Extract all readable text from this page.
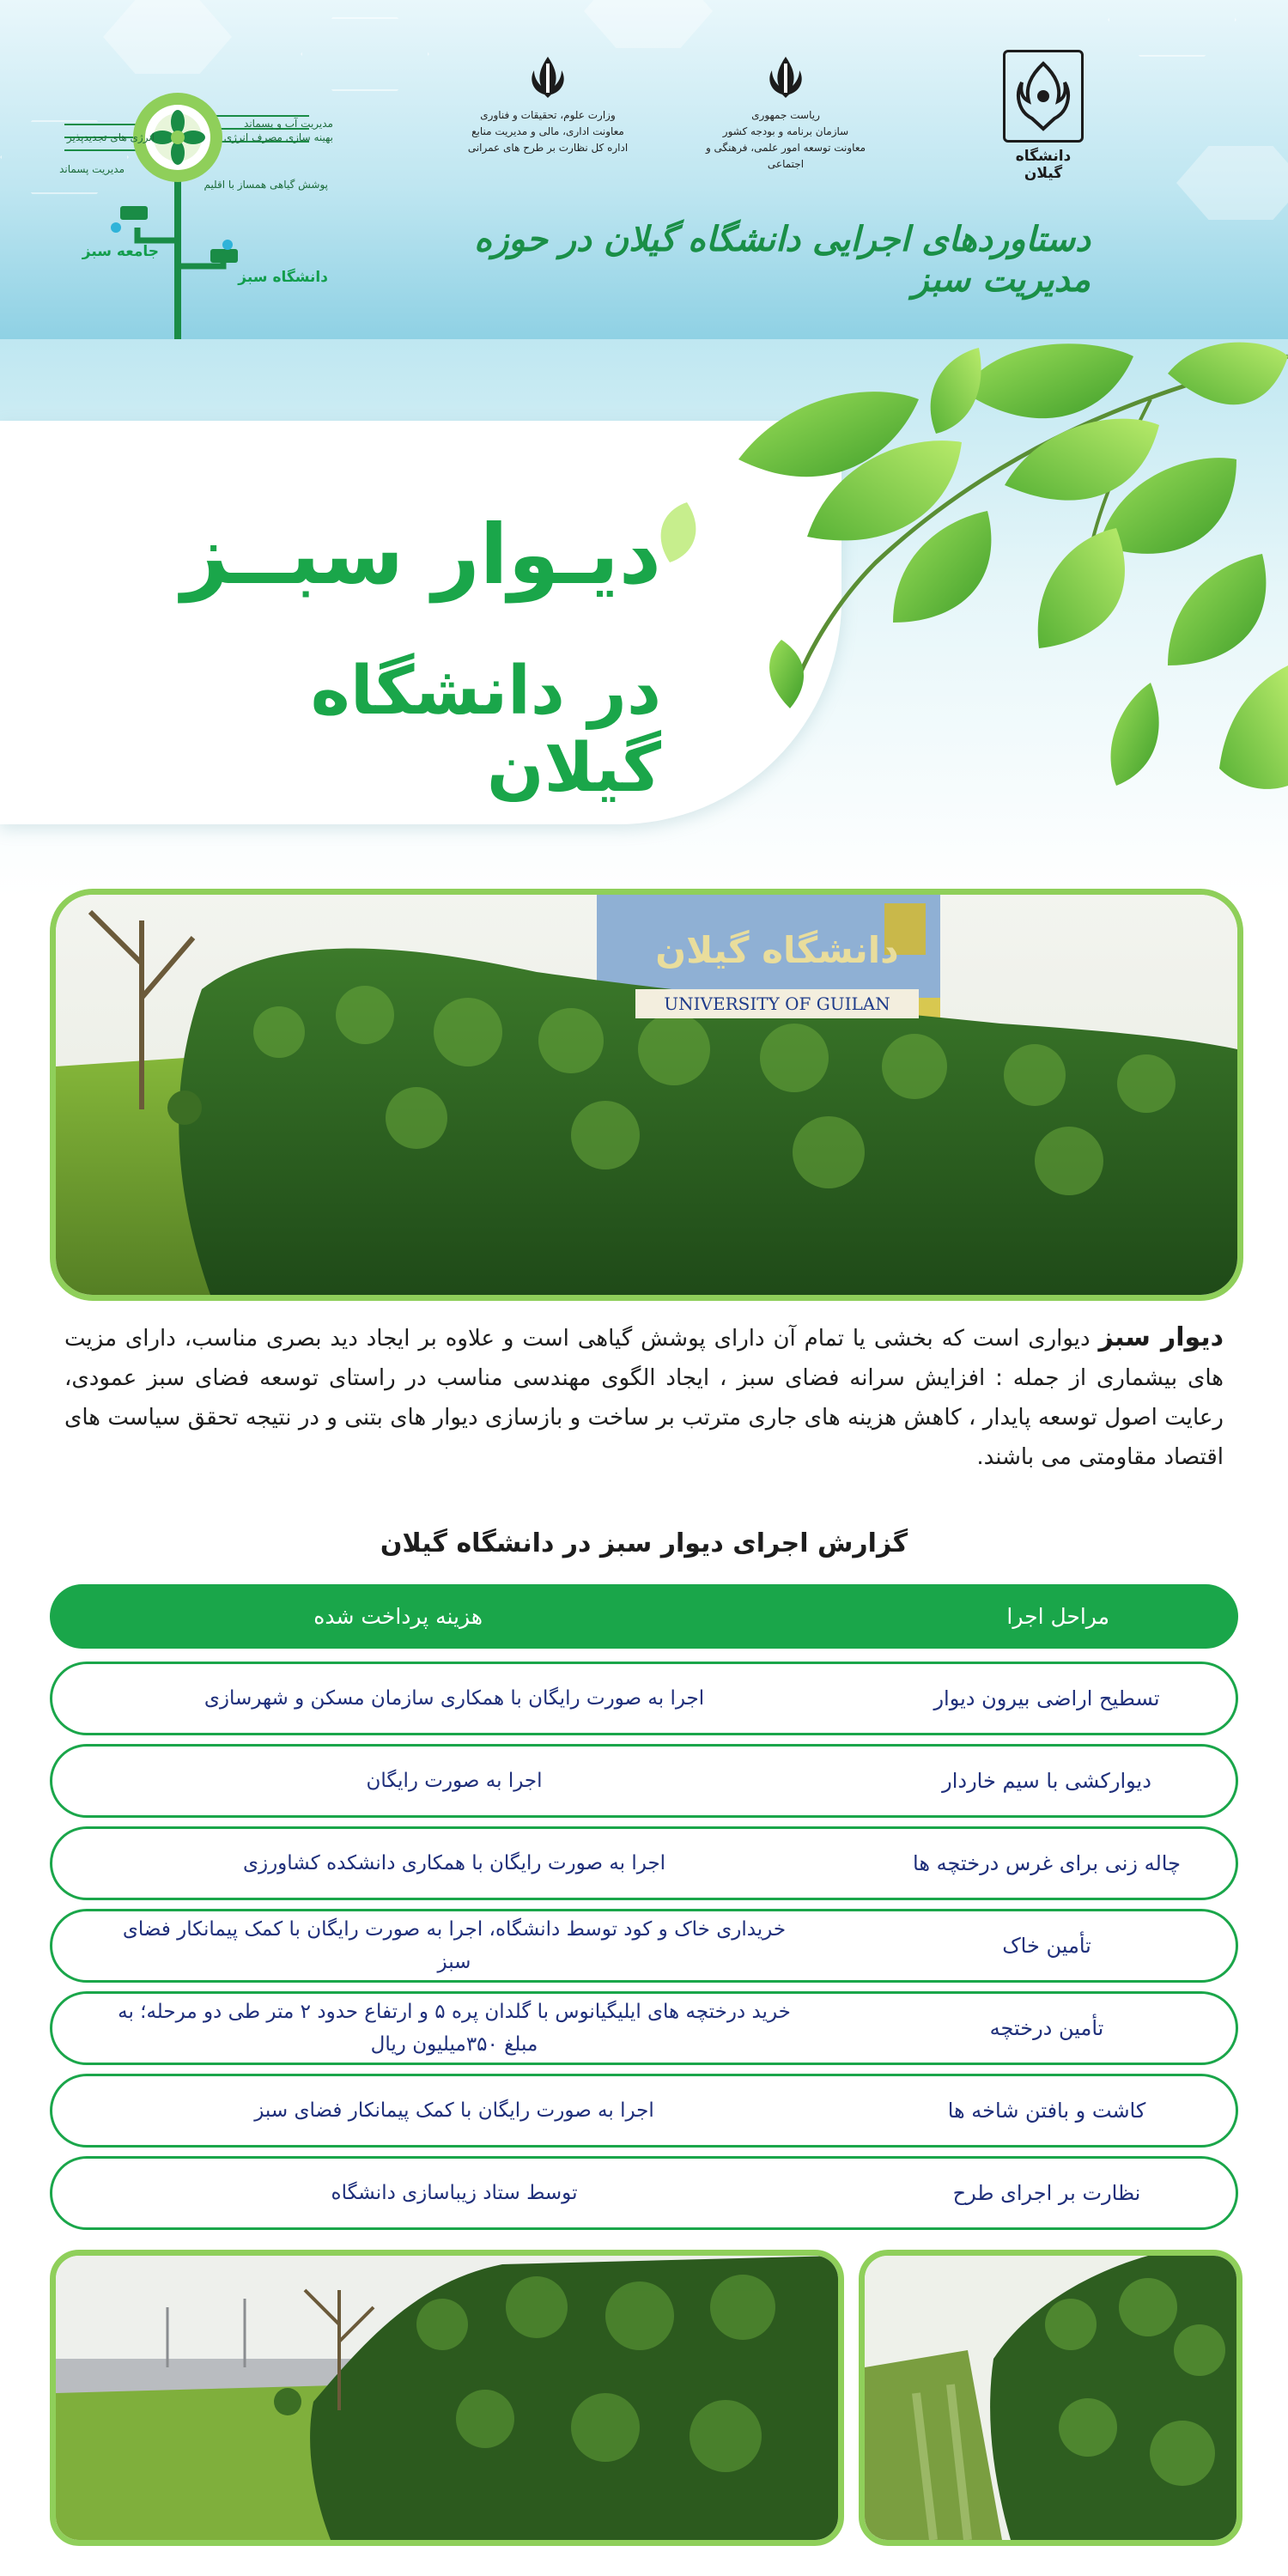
مدیریت آب و پسماند
انرژی های تجدیدپذیر	بهینه سازی مصرف انرژی
پوشش گیاهی همساز با اقلیم
مدیریت پسماند
جامعه سبز
دانشگاه سبز
وزارت علوم، تحقیقات و فناوری
معاونت اداری، مالی و مدیریت منابع
اداره کل نظارت بر طرح های عمرانی
ریاست جمهوری
سازمان برنامه و بودجه کشور
معاونت توسعه امور علمی، فرهنگی و اجتماعی	دانشگاه گیلان
دستاوردهای اجرایی دانشگاه گیلان در حوزه مدیریت سبز
دیـوار سبــز
در دانشگاه گیلان
دانشگاه گیلان
UNIVERSITY OF GUILAN
دیوار سبز دیواری است که بخشی یا تمام آن دارای پوشش گیاهی است و علاوه بر ایجاد دید بصری مناسب، دارای مزیت های بیشماری از جمله : افزایش سرانه فضای سبز ، ایجاد الگوی مهندسی مناسب در راستای توسعه فضای سبز عمودی، رعایت اصول توسعه پایدار ، کاهش هزینه های جاری مترتب بر ساخت و بازسازی دیوار های بتنی و در نتیجه تحقق سیاست های اقتصاد مقاومتی می باشند.
گزارش اجرای دیوار سبز در دانشگاه گیلان
مراحل اجرا
هزینه پرداخت شده
تسطیح اراضی بیرون دیوار
اجرا به صورت رایگان با همکاری سازمان مسکن و شهرسازی
دیوارکشی با سیم خاردار
اجرا به صورت رایگان
چاله زنی برای غرس درختچه ها
اجرا به صورت رایگان با همکاری دانشکده کشاورزی
تأمین خاک
خریداری خاک و کود توسط دانشگاه، اجرا به صورت رایگان با کمک پیمانکار فضای سبز
تأمین درختچه
خرید درختچه های ایلیگیانوس با گلدان پره ۵ و ارتفاع حدود ۲ متر طی دو مرحله؛ به مبلغ ۳۵۰میلیون ریال
کاشت و بافتن شاخه ها
اجرا به صورت رایگان با کمک پیمانکار فضای سبز
نظارت بر اجرای طرح
توسط ستاد زیباسازی دانشگاه
